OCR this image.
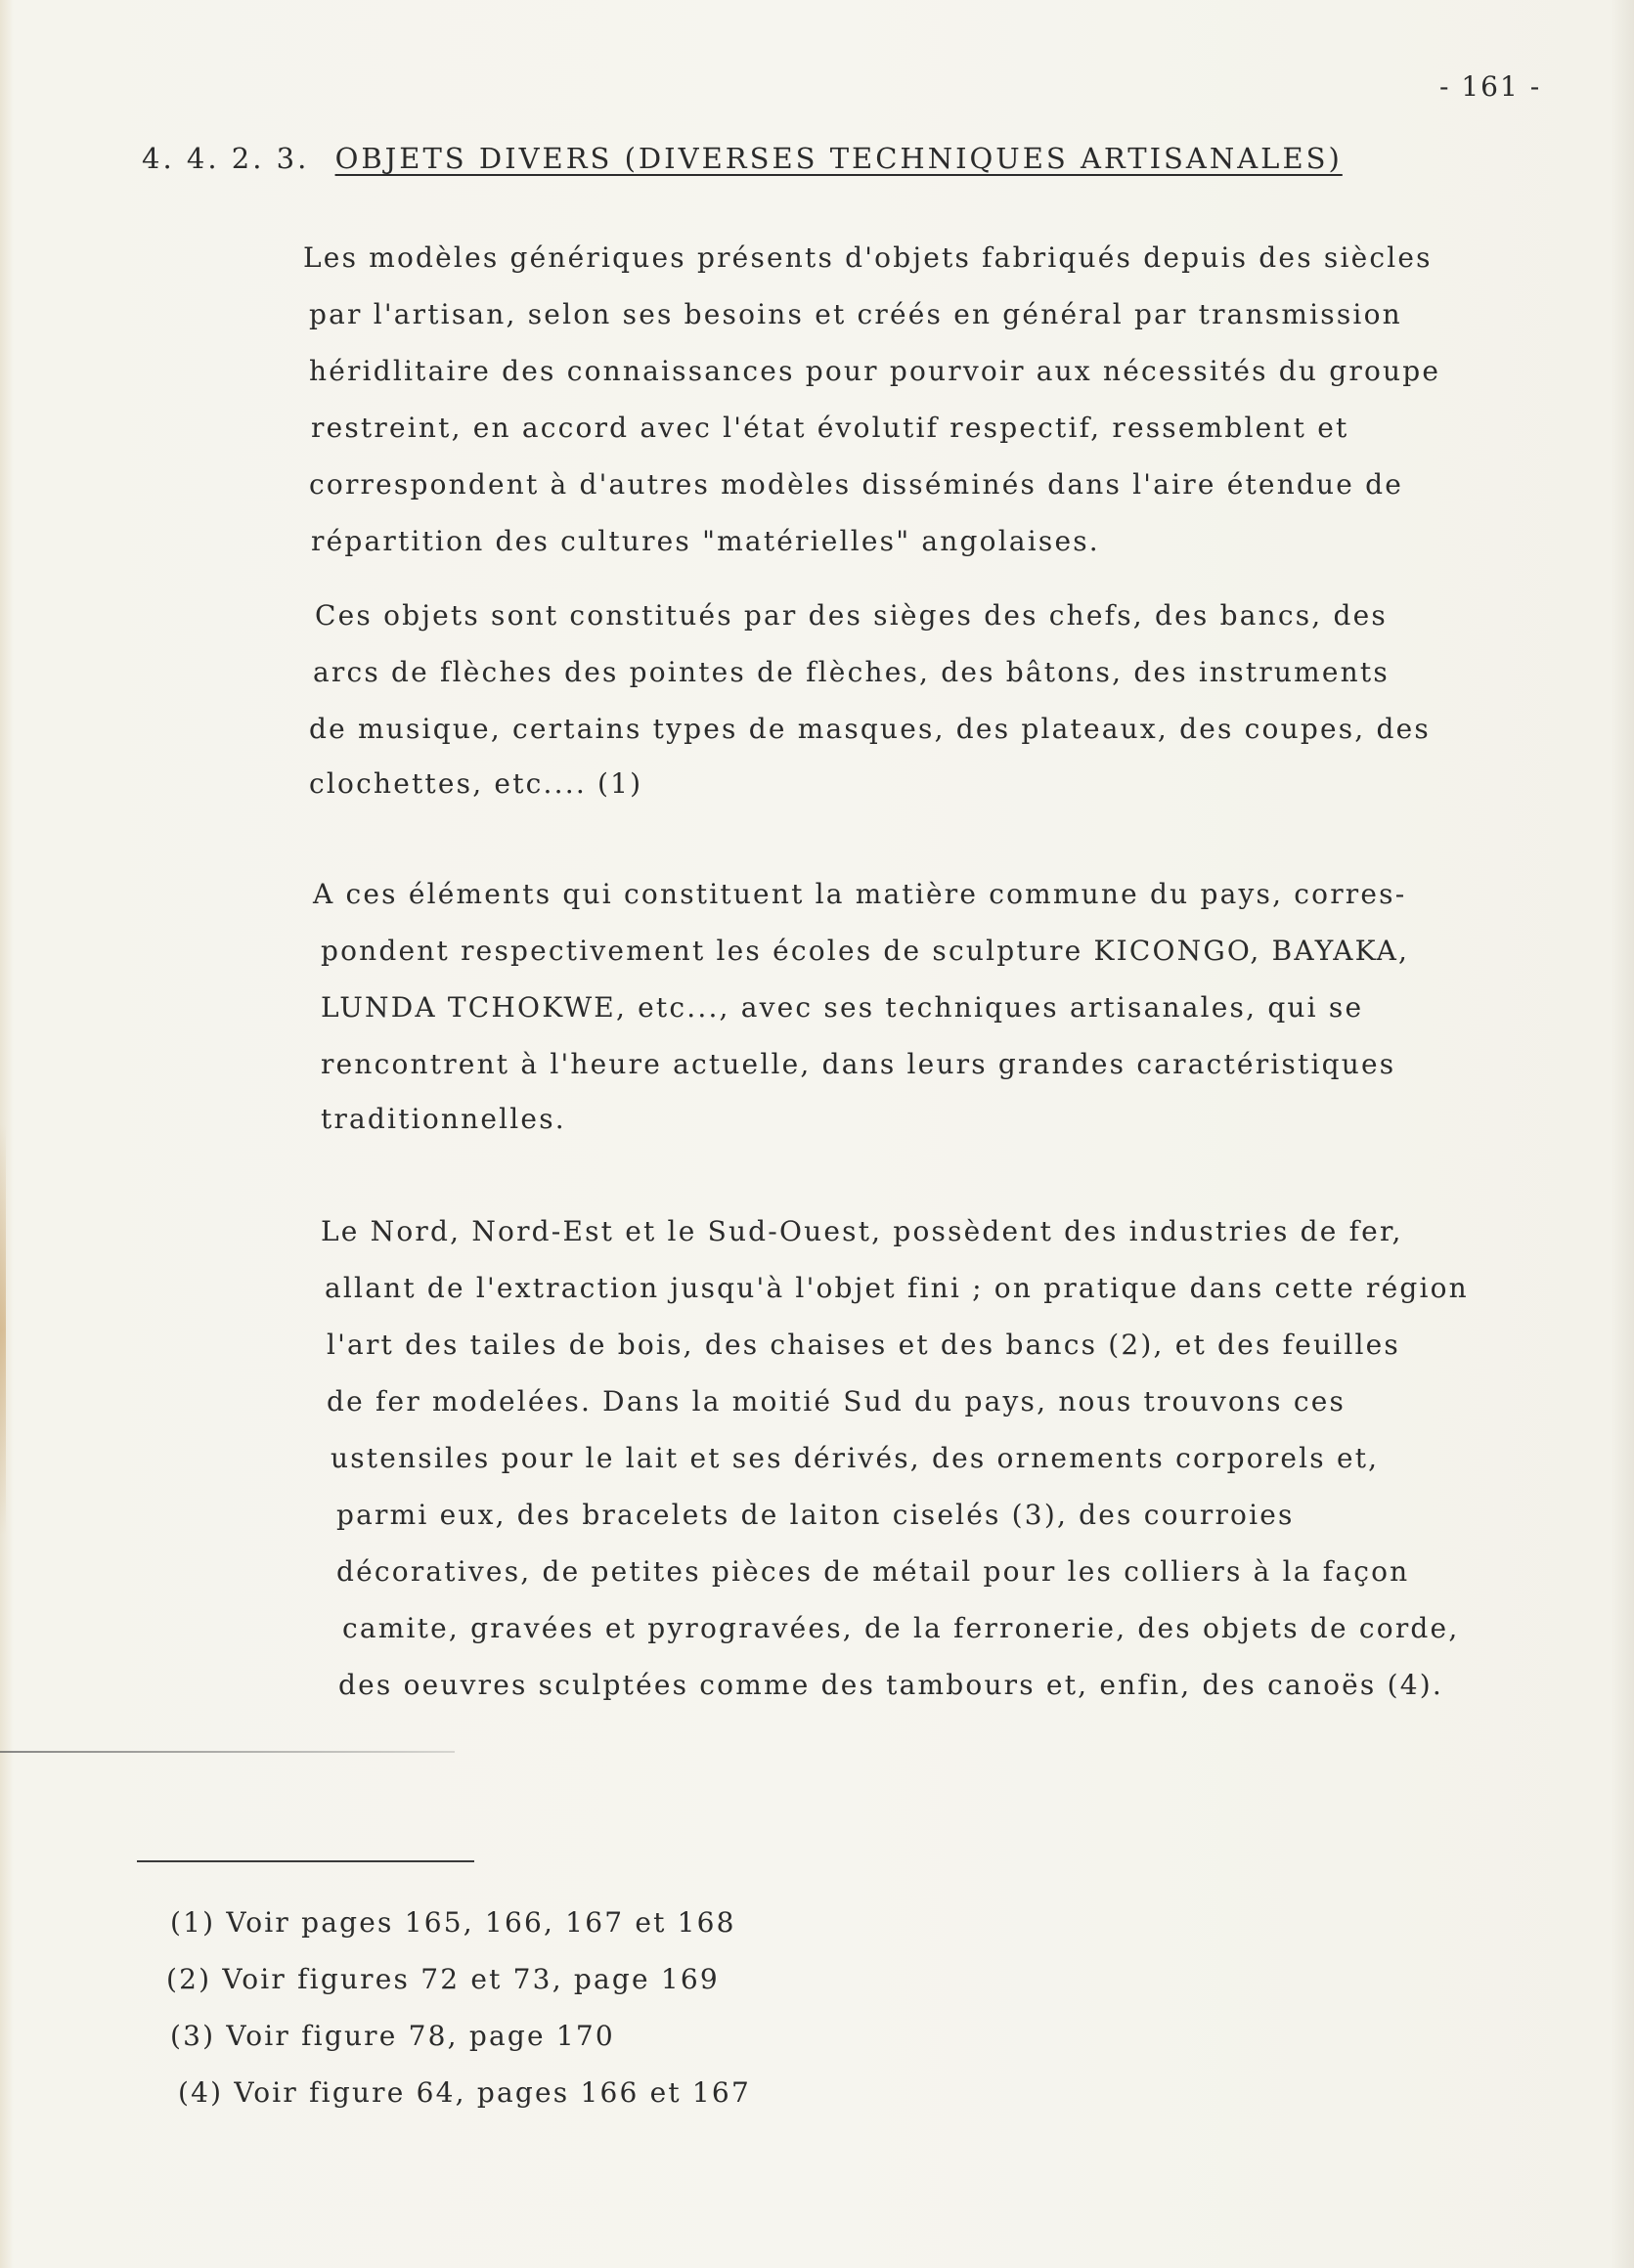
- 161 -
4. 4. 2. 3. OBJETS DIVERS (DIVERSES TECHNIQUES ARTISANALES)
Les modèles génériques présents d'objets fabriqués depuis des siècles
par l'artisan, selon ses besoins et créés en général par transmission
héridlitaire des connaissances pour pourvoir aux nécessités du groupe
restreint, en accord avec l'état évolutif respectif, ressemblent et
correspondent à d'autres modèles disséminés dans l'aire étendue de
répartition des cultures "matérielles" angolaises.
Ces objets sont constitués par des sièges des chefs, des bancs, des
arcs de flèches des pointes de flèches, des bâtons, des instruments
de musique, certains types de masques, des plateaux, des coupes, des
clochettes, etc.... (1)
A ces éléments qui constituent la matière commune du pays, corres-
pondent respectivement les écoles de sculpture KICONGO, BAYAKA,
LUNDA TCHOKWE, etc..., avec ses techniques artisanales, qui se
rencontrent à l'heure actuelle, dans leurs grandes caractéristiques
traditionnelles.
Le Nord, Nord-Est et le Sud-Ouest, possèdent des industries de fer,
allant de l'extraction jusqu'à l'objet fini ; on pratique dans cette région
l'art des tailes de bois, des chaises et des bancs (2), et des feuilles
de fer modelées. Dans la moitié Sud du pays, nous trouvons ces
ustensiles pour le lait et ses dérivés, des ornements corporels et,
parmi eux, des bracelets de laiton ciselés (3), des courroies
décoratives, de petites pièces de métail pour les colliers à la façon
camite, gravées et pyrogravées, de la ferronerie, des objets de corde,
des oeuvres sculptées comme des tambours et, enfin, des canoës (4).
(1) Voir pages 165, 166, 167 et 168
(2) Voir figures 72 et 73, page 169
(3) Voir figure 78, page 170
(4) Voir figure 64, pages 166 et 167
